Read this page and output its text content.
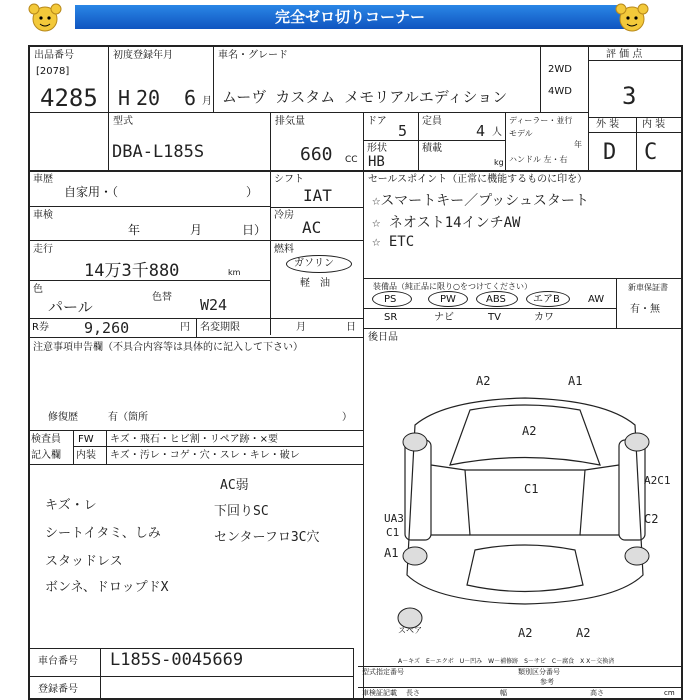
完全ゼロ切りコーナー
出品番号
[2078]
4285
初度登録年月
H 20 6 月
車名・グレード
ムーヴ カスタム メモリアルエディション
2WD
4WD
評 価 点
3
外 装 内 装
D C
型式
DBA-L185S
排気量
660 CC
ドア
5
定員
4 人
ディーラー・並行
モデル
年
ハンドル 左・右
形状
HB
積載
kg
車歴
自家用・（	）
シフト
IAT
車検
年	月	日）
冷房
AC
走行
14万3千880	km
燃料
ガソリン
軽　油
色
パール
色替 W24
R券 9,260	円 名変期限	月	日
セールスポイント（正常に機能するものに印を）
☆スマートキー／プッシュスタート
☆ ネオスト14インチAW
☆ ETC
装備品（純正品に限り○をつけてください）
PS	PW	ABS	エアB	AW
SR	ナビ	TV	カワ
新車保証書
有・無
後日品
注意事項申告欄（不具合内容等は具体的に記入して下さい）
修復歴	有（箇所	）
検査員
記入欄
FW
内装
キズ・飛石・ヒビ割・リペア跡・×要
キズ・汚レ・コゲ・穴・スレ・キレ・破レ
キズ・レ
シートイタミ、しみ
スタッドレス
ボンネ、ドロップドX
AC弱
下回りSC
センターフロ3C穴
A2	A1
A2
C1
A2C1
UA3
C1
C2
A1
A2	A2
スペア
車台番号 L185S-0045669
登録番号
A－キズ　E－エクボ　U－凹み　W－補修跡　S－サビ　C－腐食　X X－交換済
型式指定番号	類別区分番号
参考
車検証記載 長さ	幅	高さ	cm
